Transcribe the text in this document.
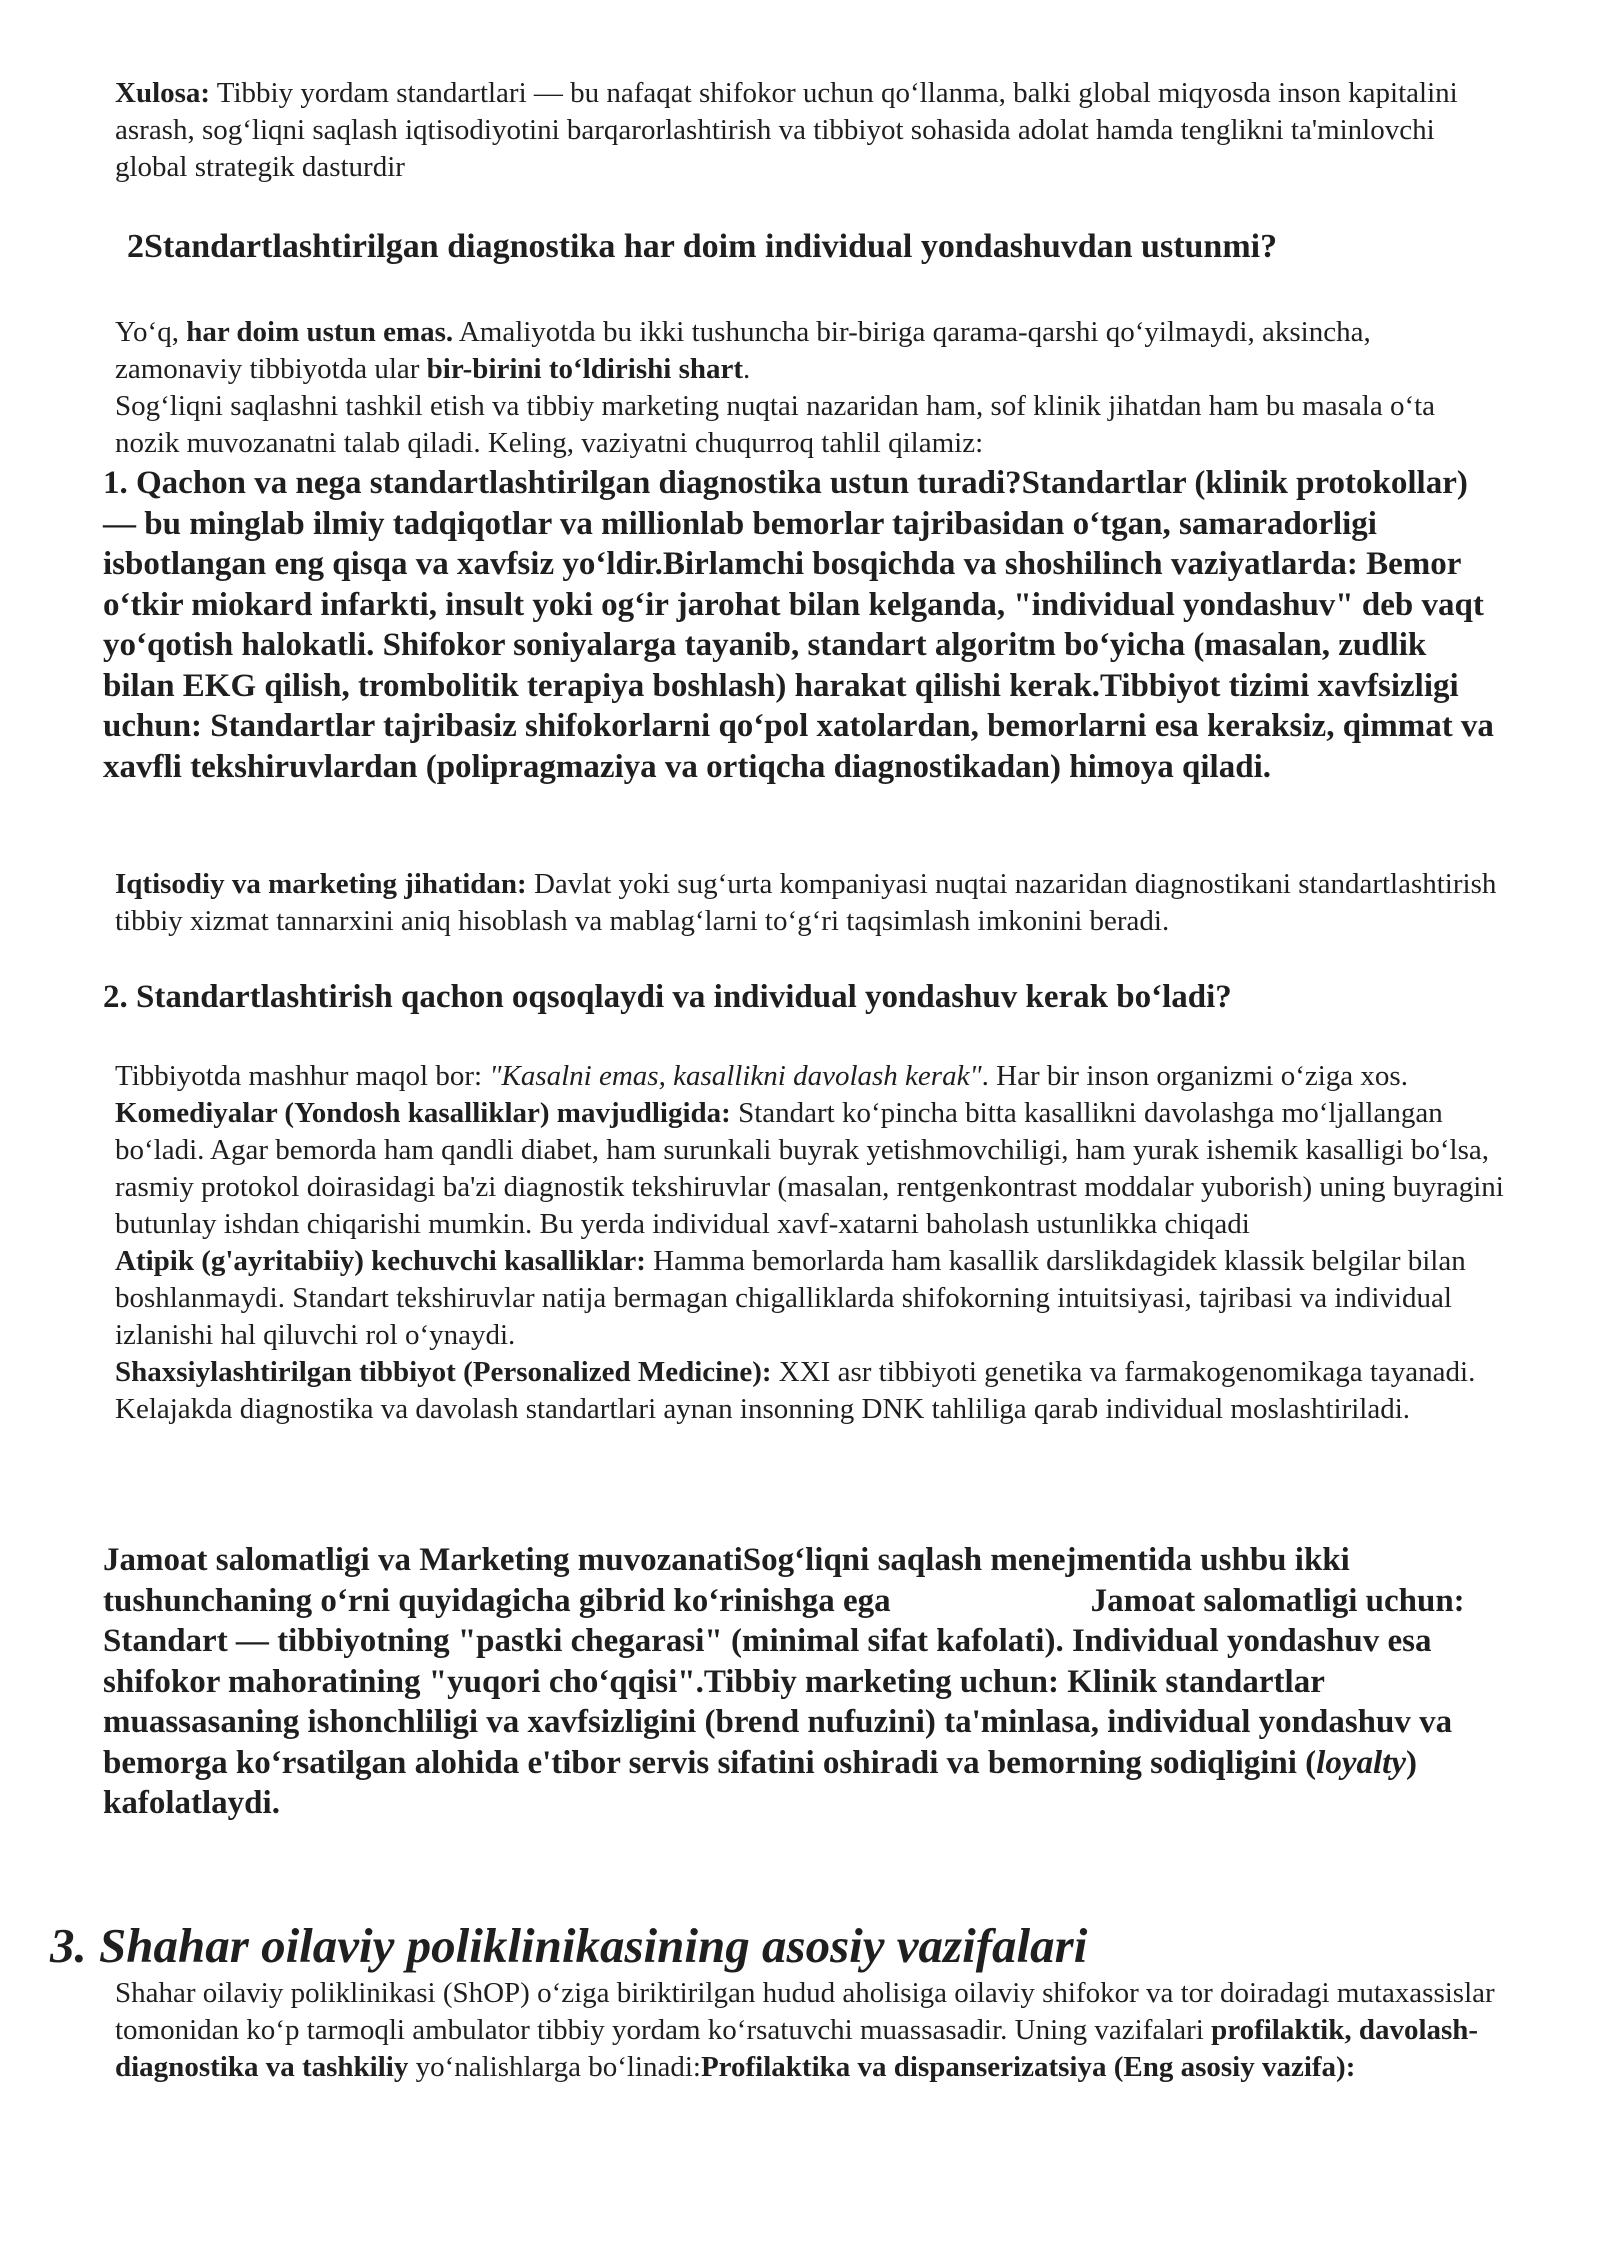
Xulosa: Tibbiy yordam standartlari — bu nafaqat shifokor uchun qo‘llanma, balki global miqyosda inson kapitalini asrash, sog‘liqni saqlash iqtisodiyotini barqarorlashtirish va tibbiyot sohasida adolat hamda tenglikni ta'minlovchi global strategik dasturdir

2Standartlashtirilgan diagnostika har doim individual yondashuvdan ustunmi?

Yo‘q, har doim ustun emas. Amaliyotda bu ikki tushuncha bir-biriga qarama-qarshi qo‘yilmaydi, aksincha, zamonaviy tibbiyotda ular bir-birini to‘ldirishi shart.
Sog‘liqni saqlashni tashkil etish va tibbiy marketing nuqtai nazaridan ham, sof klinik jihatdan ham bu masala o‘ta nozik muvozanatni talab qiladi. Keling, vaziyatni chuqurroq tahlil qilamiz:

1. Qachon va nega standartlashtirilgan diagnostika ustun turadi?Standartlar (klinik protokollar) — bu minglab ilmiy tadqiqotlar va millionlab bemorlar tajribasidan o‘tgan, samaradorligi isbotlangan eng qisqa va xavfsiz yo‘ldir.Birlamchi bosqichda va shoshilinch vaziyatlarda: Bemor o‘tkir miokard infarkti, insult yoki og‘ir jarohat bilan kelganda, "individual yondashuv" deb vaqt yo‘qotish halokatli. Shifokor soniyalarga tayanib, standart algoritm bo‘yicha (masalan, zudlik bilan EKG qilish, trombolitik terapiya boshlash) harakat qilishi kerak.Tibbiyot tizimi xavfsizligi uchun: Standartlar tajribasiz shifokorlarni qo‘pol xatolardan, bemorlarni esa keraksiz, qimmat va xavfli tekshiruvlardan (polipragmaziya va ortiqcha diagnostikadan) himoya qiladi.

Iqtisodiy va marketing jihatidan: Davlat yoki sug‘urta kompaniyasi nuqtai nazaridan diagnostikani standartlashtirish tibbiy xizmat tannarxini aniq hisoblash va mablag‘larni to‘g‘ri taqsimlash imkonini beradi.

2. Standartlashtirish qachon oqsoqlaydi va individual yondashuv kerak bo‘ladi?

Tibbiyotda mashhur maqol bor: "Kasalni emas, kasallikni davolash kerak". Har bir inson organizmi o‘ziga xos.
Komediyalar (Yondosh kasalliklar) mavjudligida: Standart ko‘pincha bitta kasallikni davolashga mo‘ljallangan bo‘ladi. Agar bemorda ham qandli diabet, ham surunkali buyrak yetishmovchiligi, ham yurak ishemik kasalligi bo‘lsa, rasmiy protokol doirasidagi ba'zi diagnostik tekshiruvlar (masalan, rentgenkontrast moddalar yuborish) uning buyragini butunlay ishdan chiqarishi mumkin. Bu yerda individual xavf-xatarni baholash ustunlikka chiqadi
Atipik (g'ayritabiiy) kechuvchi kasalliklar: Hamma bemorlarda ham kasallik darslikdagidek klassik belgilar bilan boshlanmaydi. Standart tekshiruvlar natija bermagan chigalliklarda shifokorning intuitsiyasi, tajribasi va individual izlanishi hal qiluvchi rol o‘ynaydi.
Shaxsiylashtirilgan tibbiyot (Personalized Medicine): XXI asr tibbiyoti genetika va farmakogenomikaga tayanadi. Kelajakda diagnostika va davolash standartlari aynan insonning DNK tahliliga qarab individual moslashtiriladi.

Jamoat salomatligi va Marketing muvozanatiSog‘liqni saqlash menejmentida ushbu ikki tushunchaning o‘rni quyidagicha gibrid ko‘rinishga ega	Jamoat salomatligi uchun: Standart — tibbiyotning "pastki chegarasi" (minimal sifat kafolati). Individual yondashuv esa shifokor mahoratining "yuqori cho‘qqisi".Tibbiy marketing uchun: Klinik standartlar muassasaning ishonchliligi va xavfsizligini (brend nufuzini) ta'minlasa, individual yondashuv va bemorga ko‘rsatilgan alohida e'tibor servis sifatini oshiradi va bemorning sodiqligini (loyalty) kafolatlaydi.

3. Shahar oilaviy poliklinikasining asosiy vazifalari

Shahar oilaviy poliklinikasi (ShOP) o‘ziga biriktirilgan hudud aholisiga oilaviy shifokor va tor doiradagi mutaxassislar tomonidan ko‘p tarmoqli ambulator tibbiy yordam ko‘rsatuvchi muassasadir. Uning vazifalari profilaktik, davolash-diagnostika va tashkiliy yo‘nalishlarga bo‘linadi:Profilaktika va dispanserizatsiya (Eng asosiy vazifa):
